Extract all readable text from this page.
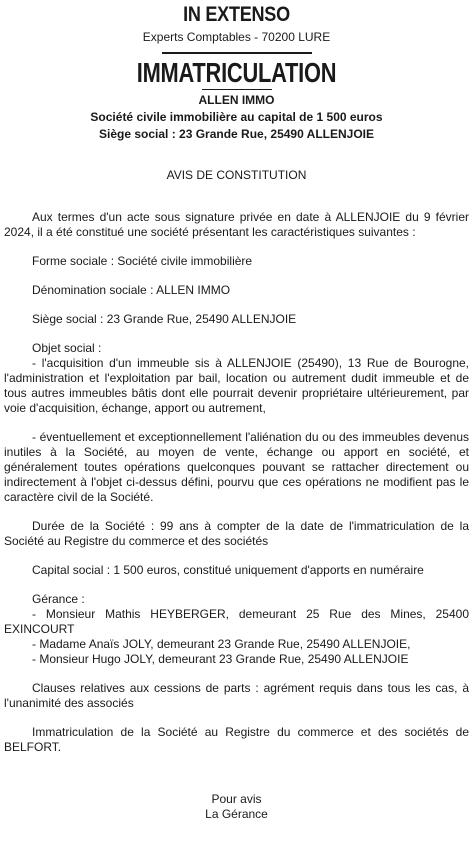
IN EXTENSO
Experts Comptables - 70200 LURE
IMMATRICULATION
ALLEN IMMO
Société civile immobilière au capital de 1 500 euros
Siège social : 23 Grande Rue, 25490 ALLENJOIE
AVIS DE CONSTITUTION

Aux termes d'un acte sous signature privée en date à ALLENJOIE du 9 février 2024, il a été constitué une société présentant les caractéristiques suivantes :

Forme sociale : Société civile immobilière

Dénomination sociale : ALLEN IMMO

Siège social : 23 Grande Rue, 25490 ALLENJOIE

Objet social :

- l'acquisition d'un immeuble sis à ALLENJOIE (25490), 13 Rue de Bourogne, l'administration et l'exploitation par bail, location ou autrement dudit immeuble et de tous autres immeubles bâtis dont elle pourrait devenir propriétaire ultérieurement, par voie d'acquisition, échange, apport ou autrement,

- éventuellement et exceptionnellement l'aliénation du ou des immeubles devenus inutiles à la Société, au moyen de vente, échange ou apport en société, et généralement toutes opérations quelconques pouvant se rattacher directement ou indirectement à l'objet ci-dessus défini, pourvu que ces opérations ne modifient pas le caractère civil de la Société.

Durée de la Société : 99 ans à compter de la date de l'immatriculation de la Société au Registre du commerce et des sociétés

Capital social : 1 500 euros, constitué uniquement d'apports en numéraire

Gérance :

- Monsieur Mathis HEYBERGER, demeurant 25 Rue des Mines, 25400
EXINCOURT
- Madame Anaïs JOLY, demeurant 23 Grande Rue, 25490 ALLENJOIE,
- Monsieur Hugo JOLY, demeurant 23 Grande Rue, 25490 ALLENJOIE

Clauses relatives aux cessions de parts : agrément requis dans tous les cas, à l'unanimité des associés

Immatriculation de la Société au Registre du commerce et des sociétés de BELFORT.

Pour avis
La Gérance
